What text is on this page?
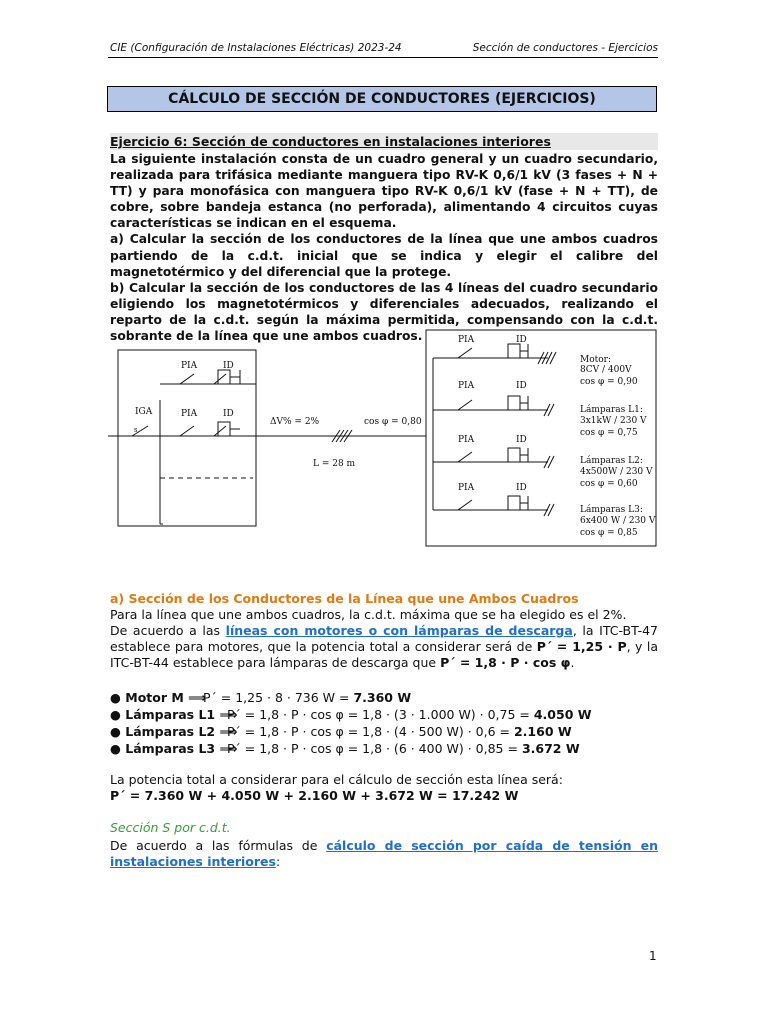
CIE (Configuración de Instalaciones Eléctricas) 2023-24	Sección de conductores - Ejercicios
CÁLCULO DE SECCIÓN DE CONDUCTORES (EJERCICIOS)
Ejercicio 6: Sección de conductores en instalaciones interiores

La siguiente instalación consta de un cuadro general y un cuadro secundario, realizada para trifásica mediante manguera tipo RV-K 0,6/1 kV (3 fases + N + TT) y para monofásica con manguera tipo RV-K 0,6/1 kV (fase + N + TT), de cobre, sobre bandeja estanca (no perforada), alimentando 4 circuitos cuyas características se indican en el esquema.

a) Calcular la sección de los conductores de la línea que une ambos cuadros partiendo de la c.d.t. inicial que se indica y elegir el calibre del magnetotérmico y del diferencial que la protege.

b) Calcular la sección de los conductores de las 4 líneas del cuadro secundario eligiendo los magnetotérmicos y diferenciales adecuados, realizando el reparto de la c.d.t. según la máxima permitida, compensando con la c.d.t. sobrante de la línea que une ambos cuadros.

IGA
s
PIA	ID
PIA	ID
ΔV% = 2%	cos φ = 0,80
L = 28 m
PIA	ID
Motor:
8CV / 400V
cos φ = 0,90
PIA	ID
Lámparas L1:
3x1kW / 230 V
cos φ = 0,75
PIA	ID
Lámparas L2:
4x500W / 230 V
cos φ = 0,60
PIA	ID
Lámparas L3:
6x400 W / 230 V
cos φ = 0,85
a) Sección de los Conductores de la Línea que une Ambos Cuadros
Para la línea que une ambos cuadros, la c.d.t. máxima que se ha elegido es el 2%.
De acuerdo a las líneas con motores o con lámparas de descarga, la ITC-BT-47 establece para motores, que la potencia total a considerar será de P´ = 1,25 · P, y la ITC-BT-44 establece para lámparas de descarga que P´ = 1,8 · P · cos φ.
● Motor M ⟹
P´ = 1,25 · 8 · 736 W = 7.360 W
● Lámparas L1 ⟹
P´ = 1,8 · P · cos φ = 1,8 · (3 · 1.000 W) · 0,75 = 4.050 W
● Lámparas L2 ⟹
P´ = 1,8 · P · cos φ = 1,8 · (4 · 500 W) · 0,6 = 2.160 W
● Lámparas L3 ⟹
P´ = 1,8 · P · cos φ = 1,8 · (6 · 400 W) · 0,85 = 3.672 W
La potencia total a considerar para el cálculo de sección esta línea será:
P´ = 7.360 W + 4.050 W + 2.160 W + 3.672 W = 17.242 W
Sección S por c.d.t.
De acuerdo a las fórmulas de cálculo de sección por caída de tensión en instalaciones interiores:
1
